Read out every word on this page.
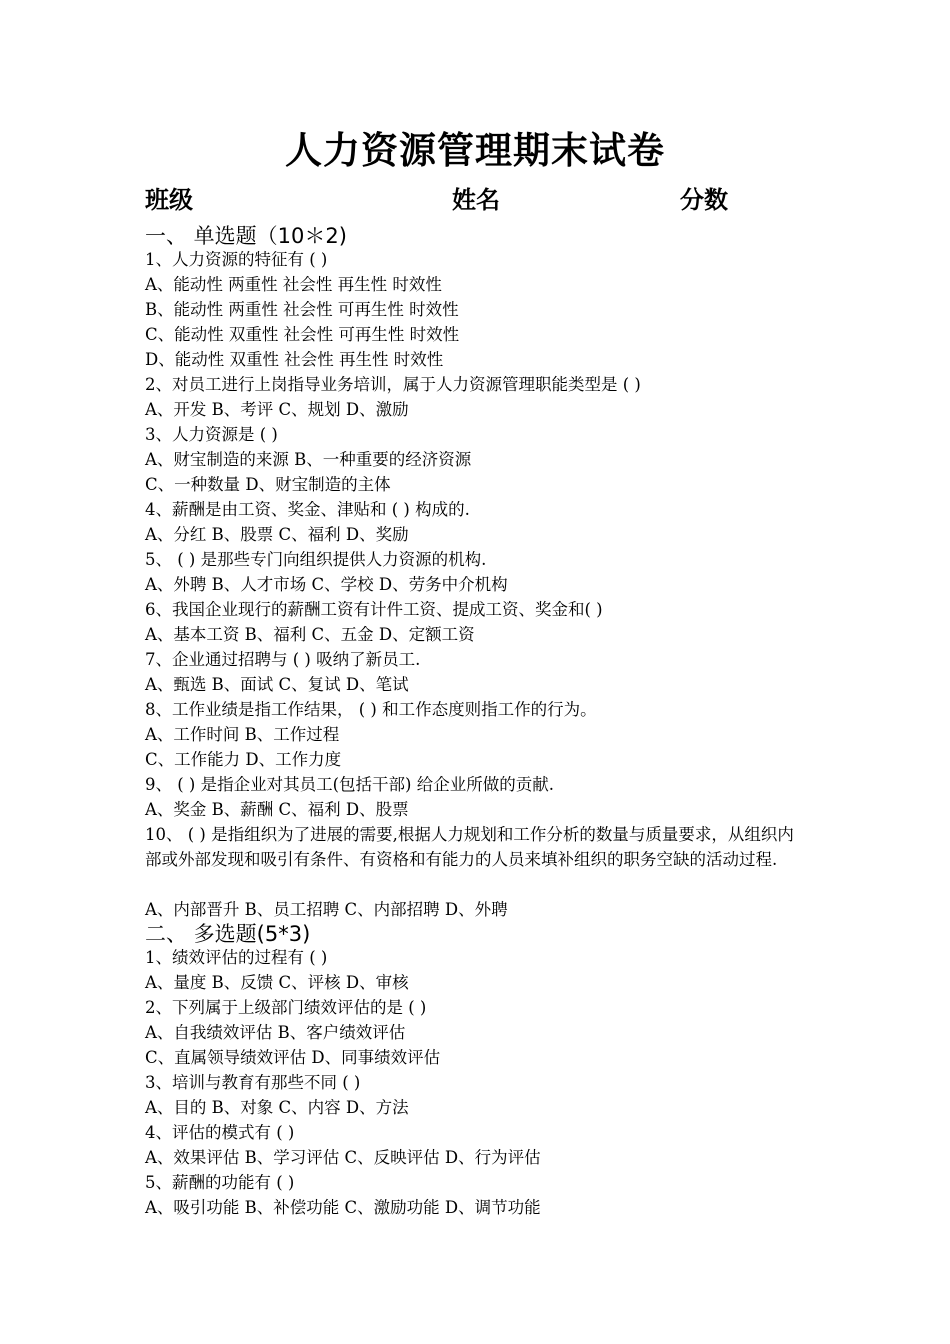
人力资源管理期末试卷
班级	姓名	分数
一、 单选题（10＊2)
1、人力资源的特征有 ( )
A、能动性 两重性 社会性 再生性 时效性
B、能动性 两重性 社会性 可再生性 时效性
C、能动性 双重性 社会性 可再生性 时效性
D、能动性 双重性 社会性 再生性 时效性
2、对员工进行上岗指导业务培训，属于人力资源管理职能类型是 ( )
A、开发 B、考评 C、规划 D、激励
3、人力资源是 ( )
A、财宝制造的来源 B、一种重要的经济资源
C、一种数量 D、财宝制造的主体
4、薪酬是由工资、奖金、津贴和 ( ) 构成的.
A、分红 B、股票 C、福利 D、奖励
5、 ( ) 是那些专门向组织提供人力资源的机构.
A、外聘 B、人才市场 C、学校 D、劳务中介机构
6、我国企业现行的薪酬工资有计件工资、提成工资、奖金和( )
A、基本工资 B、福利 C、五金 D、定额工资
7、企业通过招聘与 ( ) 吸纳了新员工.
A、甄选 B、面试 C、复试 D、笔试
8、工作业绩是指工作结果， ( ) 和工作态度则指工作的行为。
A、工作时间 B、工作过程
C、工作能力 D、工作力度
9、 ( ) 是指企业对其员工(包括干部) 给企业所做的贡献.
A、奖金 B、薪酬 C、福利 D、股票
10、 ( ) 是指组织为了进展的需要,根据人力规划和工作分析的数量与质量要求，从组织内部或外部发现和吸引有条件、有资格和有能力的人员来填补组织的职务空缺的活动过程.
A、内部晋升 B、员工招聘 C、内部招聘 D、外聘
二、 多选题(5*3)
1、绩效评估的过程有 ( )
A、量度 B、反馈 C、评核 D、审核
2、下列属于上级部门绩效评估的是 ( )
A、自我绩效评估 B、客户绩效评估
C、直属领导绩效评估 D、同事绩效评估
3、培训与教育有那些不同 ( )
A、目的 B、对象 C、内容 D、方法
4、评估的模式有 ( )
A、效果评估 B、学习评估 C、反映评估 D、行为评估
5、薪酬的功能有 ( )
A、吸引功能 B、补偿功能 C、激励功能 D、调节功能
